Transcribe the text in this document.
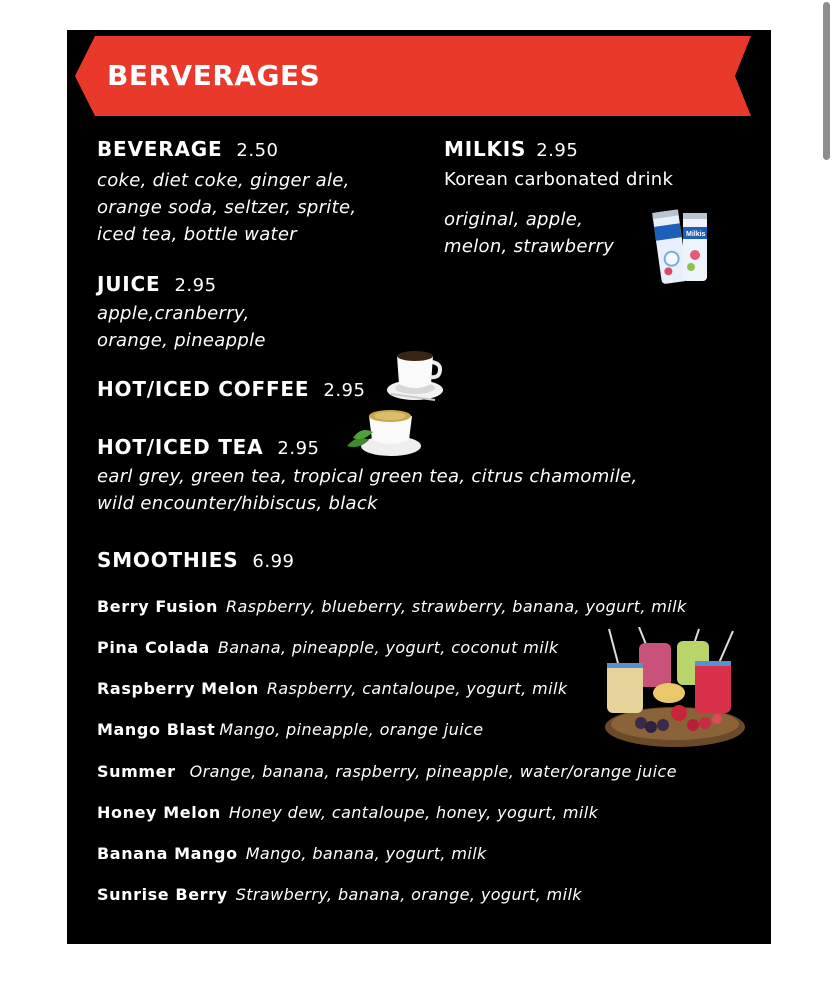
BERVERAGES
BEVERAGE 2.50
coke, diet coke, ginger ale,
orange soda, seltzer, sprite,
iced tea, bottle water
JUICE 2.95
apple,cranberry,
orange, pineapple
MILKIS 2.95
Korean carbonated drink
original, apple,
melon, strawberry
Milkis
HOT/ICED COFFEE 2.95
HOT/ICED TEA 2.95
earl grey, green tea, tropical green tea, citrus chamomile,
wild encounter/hibiscus, black
SMOOTHIES 6.99
Berry Fusion Raspberry, blueberry, strawberry, banana, yogurt, milk
Pina Colada Banana, pineapple, yogurt, coconut milk
Raspberry Melon Raspberry, cantaloupe, yogurt, milk
Mango Blast Mango, pineapple, orange juice
Summer Orange, banana, raspberry, pineapple, water/orange juice
Honey Melon Honey dew, cantaloupe, honey, yogurt, milk
Banana Mango Mango, banana, yogurt, milk
Sunrise Berry Strawberry, banana, orange, yogurt, milk
